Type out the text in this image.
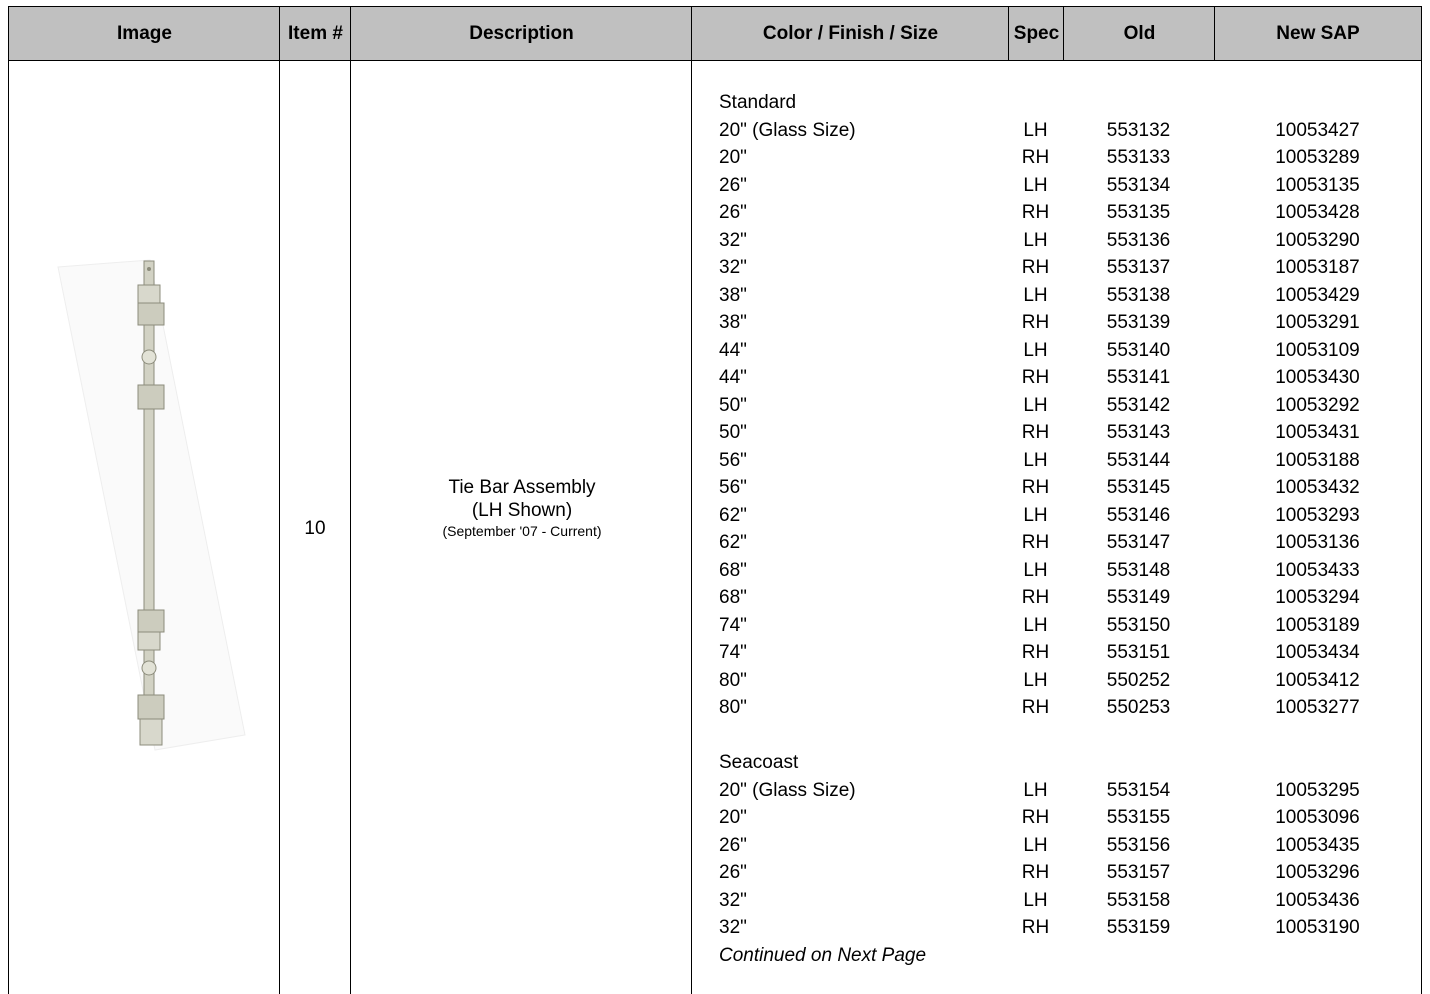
Image	Item #	Description	Color / Finish / Size	Spec	Old	New SAP
10
Tie Bar Assembly
(LH Shown)
(September '07 - Current)
Standard
20" (Glass Size)	LH	553132	10053427
20"	RH	553133	10053289
26"	LH	553134	10053135
26"	RH	553135	10053428
32"	LH	553136	10053290
32"	RH	553137	10053187
38"	LH	553138	10053429
38"	RH	553139	10053291
44"	LH	553140	10053109
44"	RH	553141	10053430
50"	LH	553142	10053292
50"	RH	553143	10053431
56"	LH	553144	10053188
56"	RH	553145	10053432
62"	LH	553146	10053293
62"	RH	553147	10053136
68"	LH	553148	10053433
68"	RH	553149	10053294
74"	LH	553150	10053189
74"	RH	553151	10053434
80"	LH	550252	10053412
80"	RH	550253	10053277
Seacoast
20" (Glass Size)	LH	553154	10053295
20"	RH	553155	10053096
26"	LH	553156	10053435
26"	RH	553157	10053296
32"	LH	553158	10053436
32"	RH	553159	10053190
Continued on Next Page
